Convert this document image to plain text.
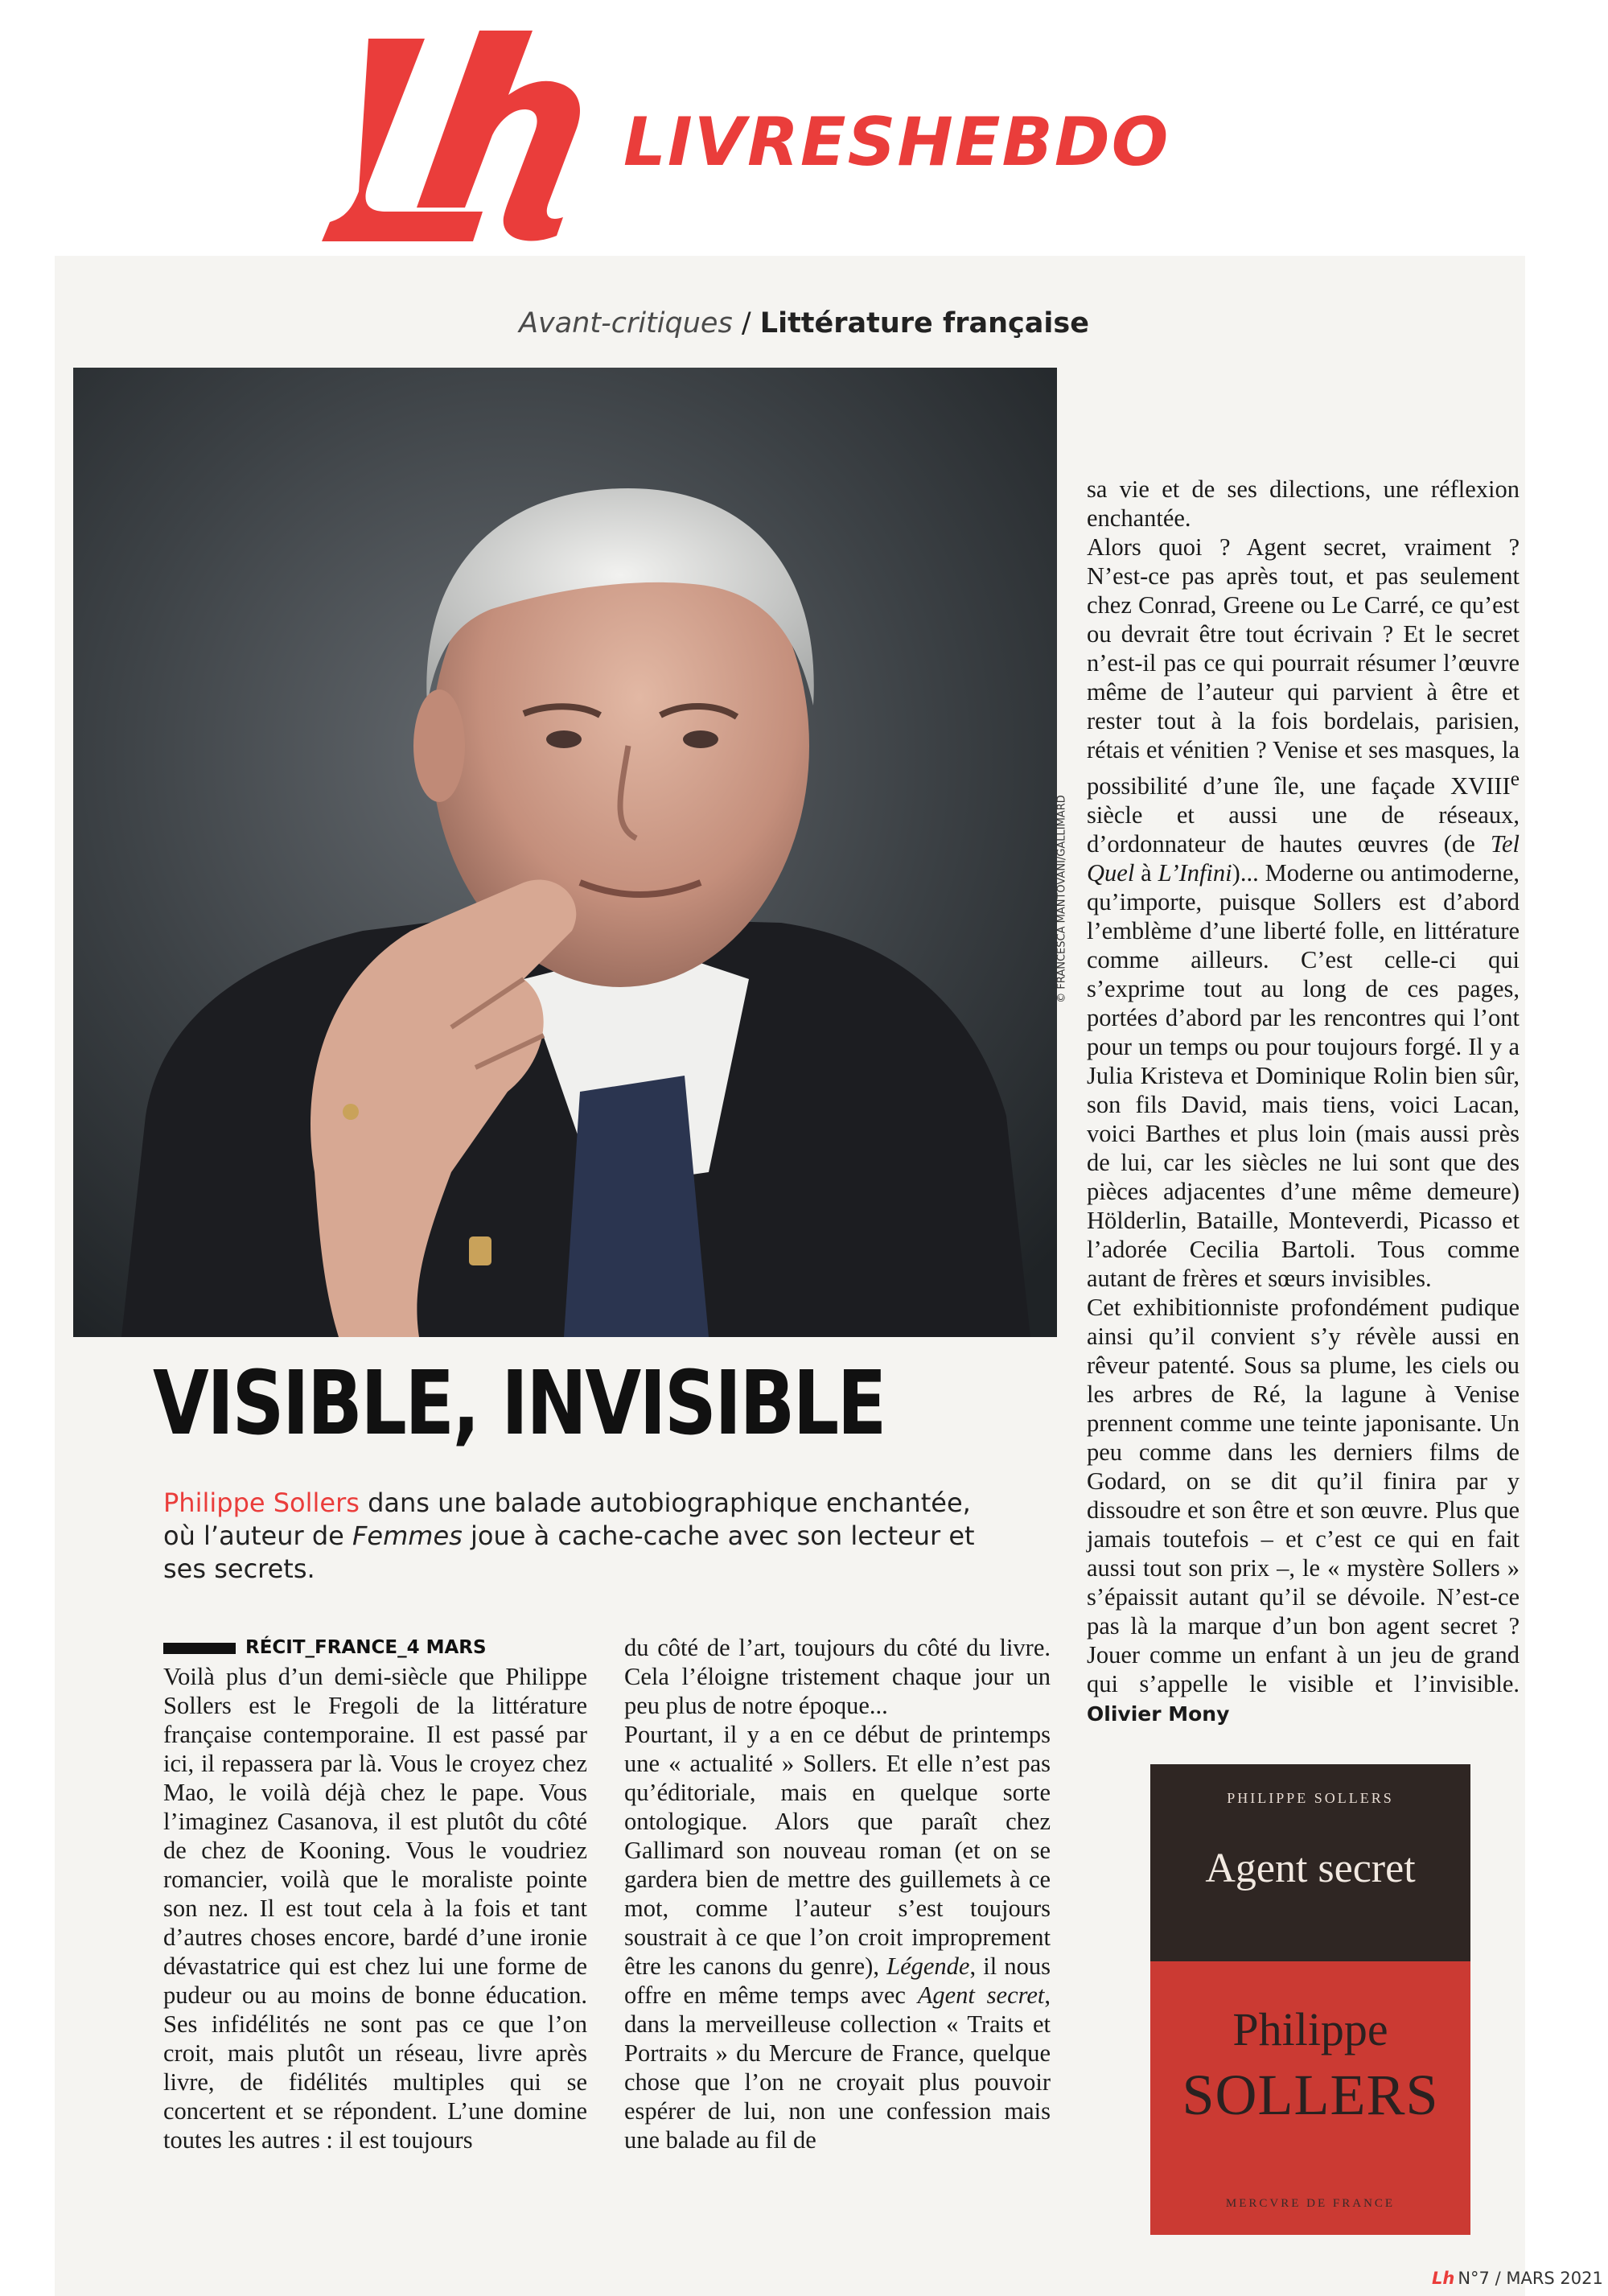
LIVRESHEBDO
Avant-critiques / Littérature française
© FRANCESCA MANTOVANI/GALLIMARD
VISIBLE, INVISIBLE
Philippe Sollers dans une balade autobiographique enchantée, où l’auteur de Femmes joue à cache-cache avec son lecteur et ses secrets.
RÉCIT_FRANCE_4 MARS

Voilà plus d’un demi-siècle que Philippe Sollers est le Fregoli de la littérature française contemporaine. Il est passé par ici, il repassera par là. Vous le croyez chez Mao, le voilà déjà chez le pape. Vous l’imaginez Casanova, il est plutôt du côté de chez de Kooning. Vous le voudriez romancier, voilà que le moraliste pointe son nez. Il est tout cela à la fois et tant d’autres choses encore, bardé d’une ironie dévastatrice qui est chez lui une forme de pudeur ou au moins de bonne éducation. Ses infidélités ne sont pas ce que l’on croit, mais plutôt un réseau, livre après livre, de fidélités multiples qui se concertent et se répondent. L’une domine toutes les autres : il est toujours

du côté de l’art, toujours du côté du livre. Cela l’éloigne tristement chaque jour un peu plus de notre époque...

Pourtant, il y a en ce début de printemps une « actualité » Sollers. Et elle n’est pas qu’éditoriale, mais en quelque sorte ontologique. Alors que paraît chez Gallimard son nouveau roman (et on se gardera bien de mettre des guillemets à ce mot, comme l’auteur s’est toujours soustrait à ce que l’on croit improprement être les canons du genre), Légende, il nous offre en même temps avec Agent secret, dans la merveilleuse collection « Traits et Portraits » du Mercure de France, quelque chose que l’on ne croyait plus pouvoir espérer de lui, non une confession mais une balade au fil de

sa vie et de ses dilections, une réflexion enchantée.

Alors quoi ? Agent secret, vraiment ? N’est-ce pas après tout, et pas seulement chez Conrad, Greene ou Le Carré, ce qu’est ou devrait être tout écrivain ? Et le secret n’est-il pas ce qui pourrait résumer l’œuvre même de l’auteur qui parvient à être et rester tout à la fois bordelais, parisien, rétais et vénitien ? Venise et ses masques, la possibilité d’une île, une façade XVIIIe siècle et aussi une de réseaux, d’ordonnateur de hautes œuvres (de Tel Quel à L’Infini)... Moderne ou antimoderne, qu’importe, puisque Sollers est d’abord l’emblème d’une liberté folle, en littérature comme ailleurs. C’est celle-ci qui s’exprime tout au long de ces pages, portées d’abord par les rencontres qui l’ont pour un temps ou pour toujours forgé. Il y a Julia Kristeva et Dominique Rolin bien sûr, son fils David, mais tiens, voici Lacan, voici Barthes et plus loin (mais aussi près de lui, car les siècles ne lui sont que des pièces adjacentes d’une même demeure) Hölderlin, Bataille, Monteverdi, Picasso et l’adorée Cecilia Bartoli. Tous comme autant de frères et sœurs invisibles.

Cet exhibitionniste profondément pudique ainsi qu’il convient s’y révèle aussi en rêveur patenté. Sous sa plume, les ciels ou les arbres de Ré, la lagune à Venise prennent comme une teinte japonisante. Un peu comme dans les derniers films de Godard, on se dit qu’il finira par y dissoudre et son être et son œuvre. Plus que jamais toutefois – et c’est ce qui en fait aussi tout son prix –, le « mystère Sollers » s’épaissit autant qu’il se dévoile. N’est-ce pas là la marque d’un bon agent secret ? Jouer comme un enfant à un jeu de grand qui s’appelle le visible et l’invisible. Olivier Mony

PHILIPPE SOLLERS
Agent secret
Philippe
SOLLERS
MERCVRE DE FRANCE
Lh N°7 / MARS 2021
